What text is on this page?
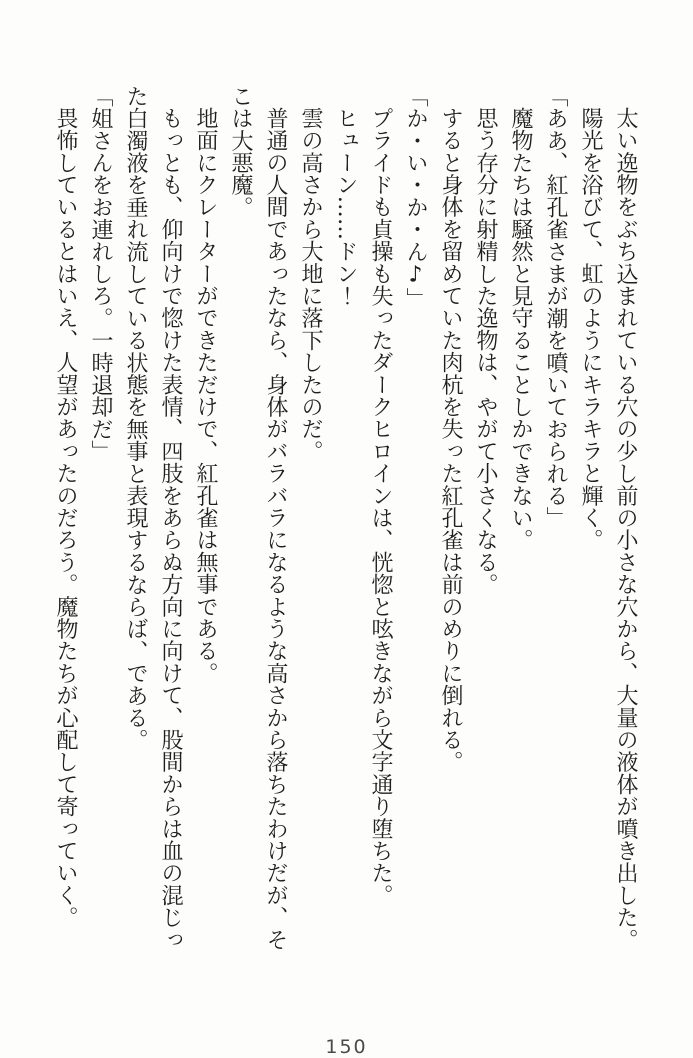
太い逸物をぶち込まれている穴の少し前の小さな穴から、大量の液体が噴き出した。

陽光を浴びて、虹のようにキラキラと輝く。

「ああ、紅孔雀さまが潮を噴いておられる」

魔物たちは騒然と見守ることしかできない。

思う存分に射精した逸物は、やがて小さくなる。

すると身体を留めていた肉杭を失った紅孔雀は前のめりに倒れる。

「か・い・か・ん♪」

プライドも貞操も失ったダークヒロインは、恍惚と呟きながら文字通り堕ちた。

ヒューン……ドン！

雲の高さから大地に落下したのだ。

普通の人間であったなら、身体がバラバラになるような高さから落ちたわけだが、そこは大悪魔。

地面にクレーターができただけで、紅孔雀は無事である。

もっとも、仰向けで惚けた表情、四肢をあらぬ方向に向けて、股間からは血の混じった白濁液を垂れ流している状態を無事と表現するならば、である。

「姐さんをお連れしろ。一時退却だ」

畏怖しているとはいえ、人望があったのだろう。魔物たちが心配して寄っていく。

150
